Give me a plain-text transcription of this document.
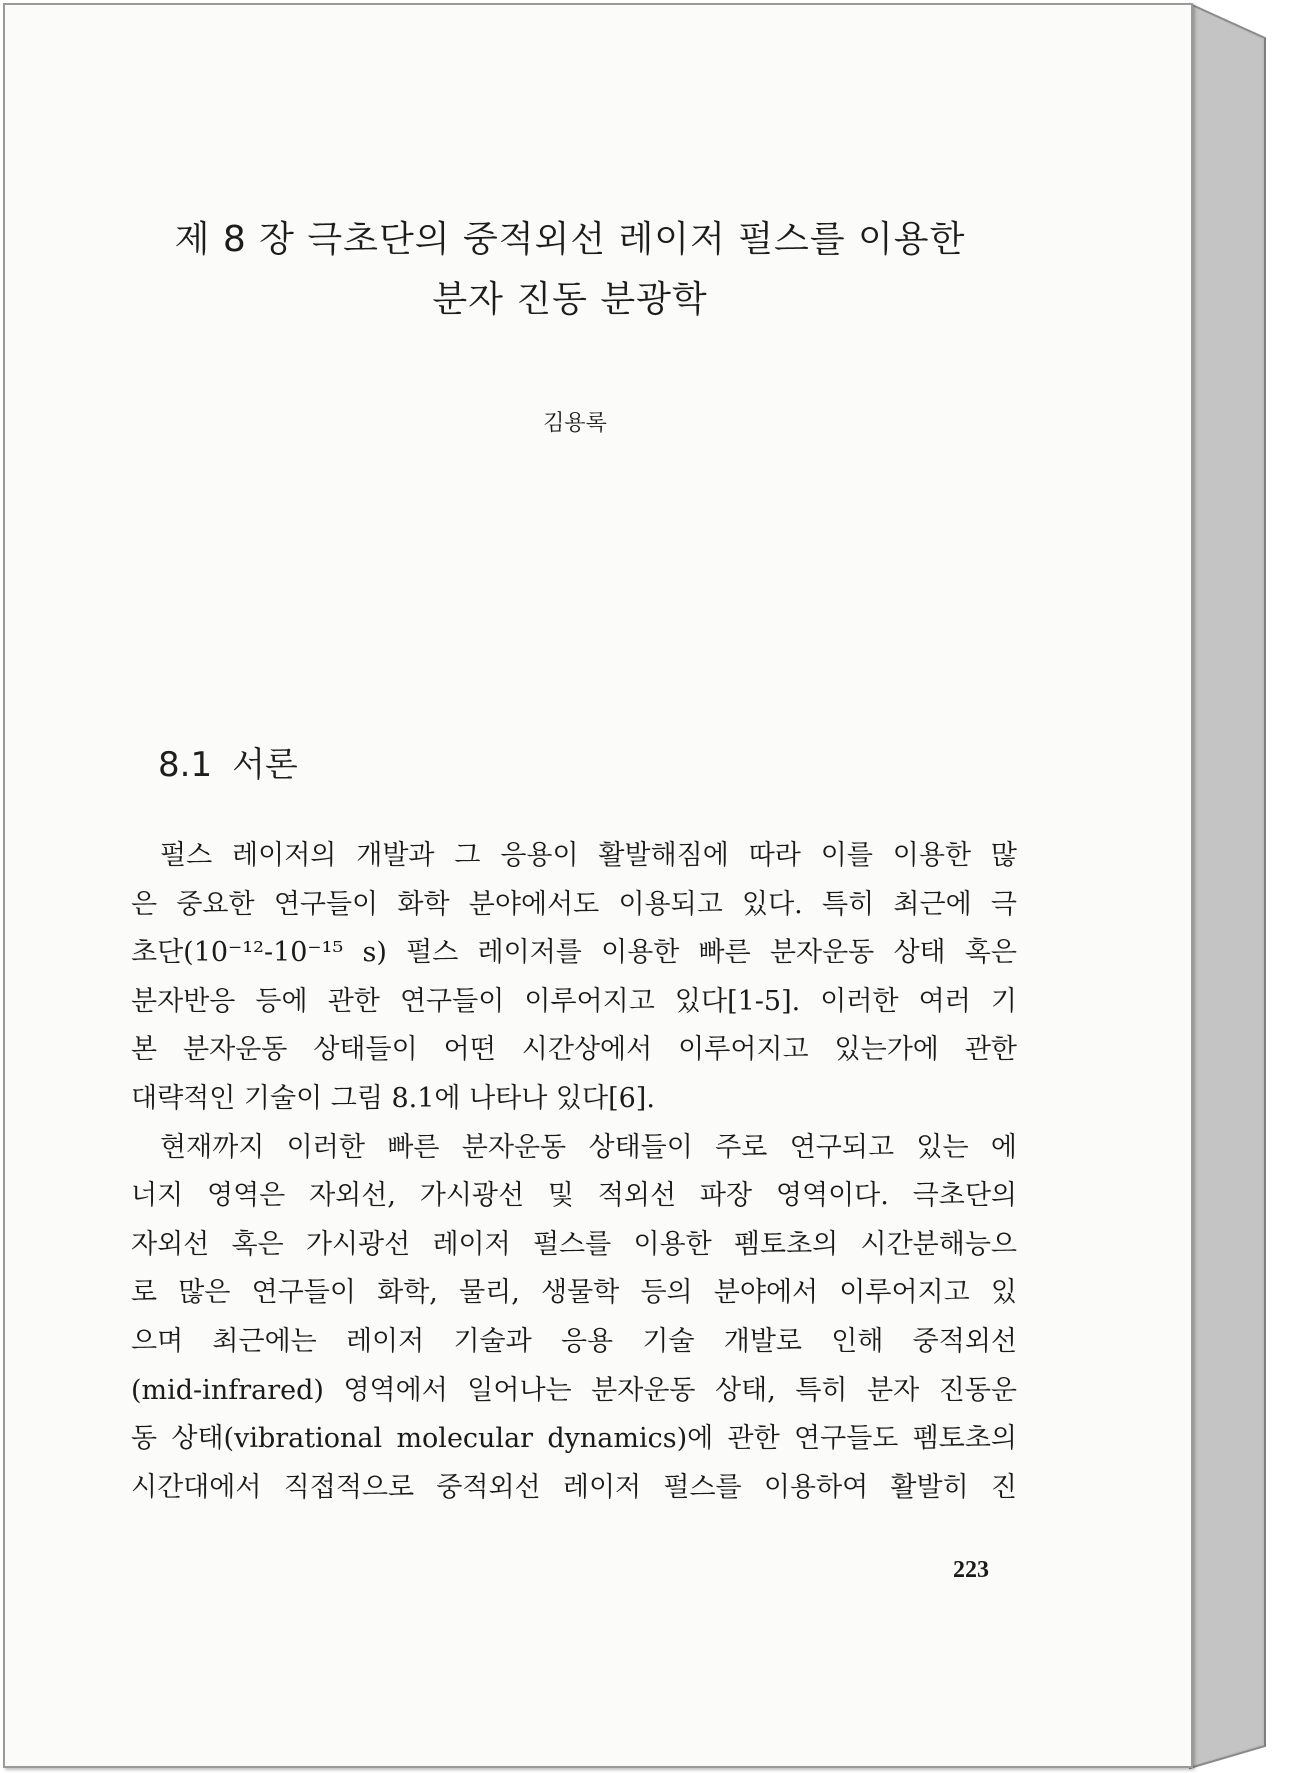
제 8 장 극초단의 중적외선 레이저 펄스를 이용한
분자 진동 분광학
김용록
8.1 서론
펄스 레이저의 개발과 그 응용이 활발해짐에 따라 이를 이용한 많
은 중요한 연구들이 화학 분야에서도 이용되고 있다. 특히 최근에 극
초단(10⁻¹²-10⁻¹⁵ s) 펄스 레이저를 이용한 빠른 분자운동 상태 혹은
분자반응 등에 관한 연구들이 이루어지고 있다[1-5]. 이러한 여러 기
본 분자운동 상태들이 어떤 시간상에서 이루어지고 있는가에 관한
대략적인 기술이 그림 8.1에 나타나 있다[6].
현재까지 이러한 빠른 분자운동 상태들이 주로 연구되고 있는 에
너지 영역은 자외선, 가시광선 및 적외선 파장 영역이다. 극초단의
자외선 혹은 가시광선 레이저 펄스를 이용한 펨토초의 시간분해능으
로 많은 연구들이 화학, 물리, 생물학 등의 분야에서 이루어지고 있
으며 최근에는 레이저 기술과 응용 기술 개발로 인해 중적외선
(mid-infrared) 영역에서 일어나는 분자운동 상태, 특히 분자 진동운
동 상태(vibrational molecular dynamics)에 관한 연구들도 펨토초의
시간대에서 직접적으로 중적외선 레이저 펄스를 이용하여 활발히 진
223
